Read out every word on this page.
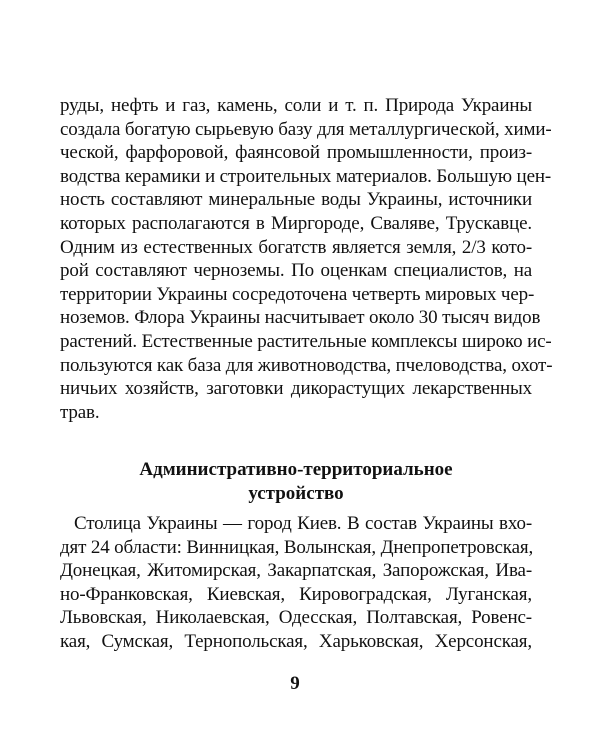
руды, нефть и газ, камень, соли и т. п. Природа Украины
создала богатую сырьевую базу для металлургической, хими-
ческой, фарфоровой, фаянсовой промышленности, произ-
водства керамики и строительных материалов. Большую цен-
ность составляют минеральные воды Украины, источники
которых располагаются в Миргороде, Сваляве, Трускавце.
Одним из естественных богатств является земля, 2/3 кото-
рой составляют черноземы. По оценкам специалистов, на
территории Украины сосредоточена четверть мировых чер-
ноземов. Флора Украины насчитывает около 30 тысяч видов
растений. Естественные растительные комплексы широко ис-
пользуются как база для животноводства, пчеловодства, охот-
ничьих хозяйств, заготовки дикорастущих лекарственных
трав.
Административно-территориальное
устройство
Столица Украины — город Киев. В состав Украины вхо-
дят 24 области: Винницкая, Волынская, Днепропетровская,
Донецкая, Житомирская, Закарпатская, Запорожская, Ива-
но-Франковская, Киевская, Кировоградская, Луганская,
Львовская, Николаевская, Одесская, Полтавская, Ровенс-
кая, Сумская, Тернопольская, Харьковская, Херсонская,
9
